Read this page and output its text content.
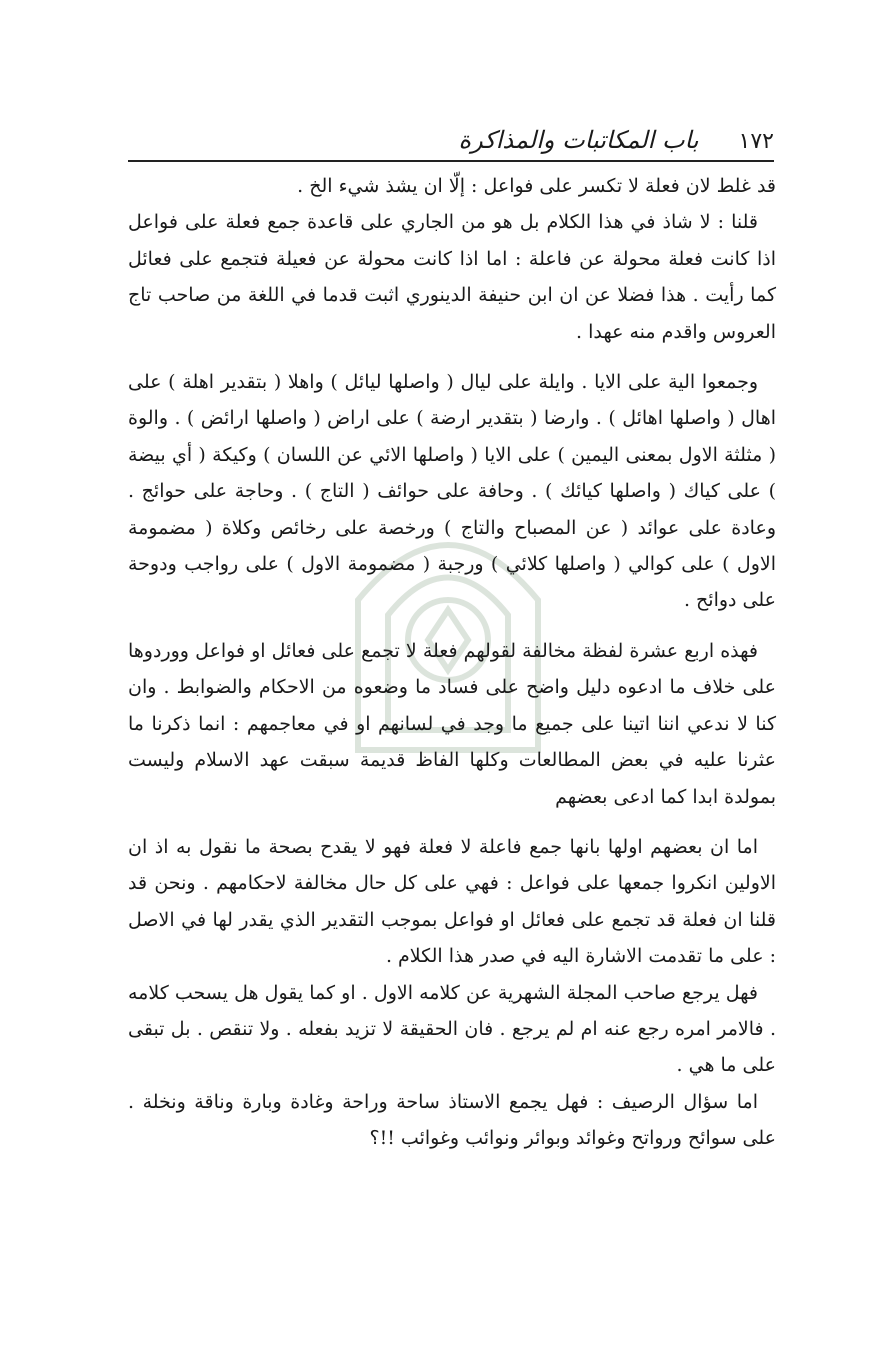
١٧٢
باب المكاتبات والمذاكرة

قد غلط لان فعلة لا تكسر على فواعل : إلّا ان يشذ شيء الخ .

قلنا : لا شاذ في هذا الكلام بل هو من الجاري على قاعدة جمع فعلة على فواعل اذا كانت فعلة محولة عن فاعلة : اما اذا كانت محولة عن فعيلة فتجمع على فعائل كما رأيت . هذا فضلا عن ان ابن حنيفة الدينوري اثبت قدما في اللغة من صاحب تاج العروس واقدم منه عهدا .

وجمعوا الية على الايا . وايلة على ليال ( واصلها ليائل ) واهلا ( بتقدير اهلة ) على اهال ( واصلها اهائل ) . وارضا ( بتقدير ارضة ) على اراض ( واصلها ارائض ) . والوة ( مثلثة الاول بمعنى اليمين ) على الايا ( واصلها الائي عن اللسان ) وكيكة ( أي بيضة ) على كياك ( واصلها كيائك ) . وحافة على حوائف ( التاج ) . وحاجة على حوائج . وعادة على عوائد ( عن المصباح والتاج ) ورخصة على رخائص وكلاة ( مضمومة الاول ) على كوالي ( واصلها كلائي ) ورجبة ( مضمومة الاول ) على رواجب ودوحة على دوائح .

فهذه اربع عشرة لفظة مخالفة لقولهم فعلة لا تجمع على فعائل او فواعل ووردوها على خلاف ما ادعوه دليل واضح على فساد ما وضعوه من الاحكام والضوابط . وان كنا لا ندعي اننا اتينا على جميع ما وجد في لسانهم او في معاجمهم : انما ذكرنا ما عثرنا عليه في بعض المطالعات وكلها الفاظ قديمة سبقت عهد الاسلام وليست بمولدة ابدا كما ادعى بعضهم

اما ان بعضهم اولها بانها جمع فاعلة لا فعلة فهو لا يقدح بصحة ما نقول به اذ ان الاولين انكروا جمعها على فواعل : فهي على كل حال مخالفة لاحكامهم . ونحن قد قلنا ان فعلة قد تجمع على فعائل او فواعل بموجب التقدير الذي يقدر لها في الاصل : على ما تقدمت الاشارة اليه في صدر هذا الكلام .

فهل يرجع صاحب المجلة الشهرية عن كلامه الاول . او كما يقول هل يسحب كلامه . فالامر امره رجع عنه ام لم يرجع . فان الحقيقة لا تزيد بفعله . ولا تنقص . بل تبقى على ما هي .

اما سؤال الرصيف : فهل يجمع الاستاذ ساحة وراحة وغادة وبارة وناقة ونخلة . على سوائح ورواتح وغوائد وبوائر ونوائب وغوائب !!؟
